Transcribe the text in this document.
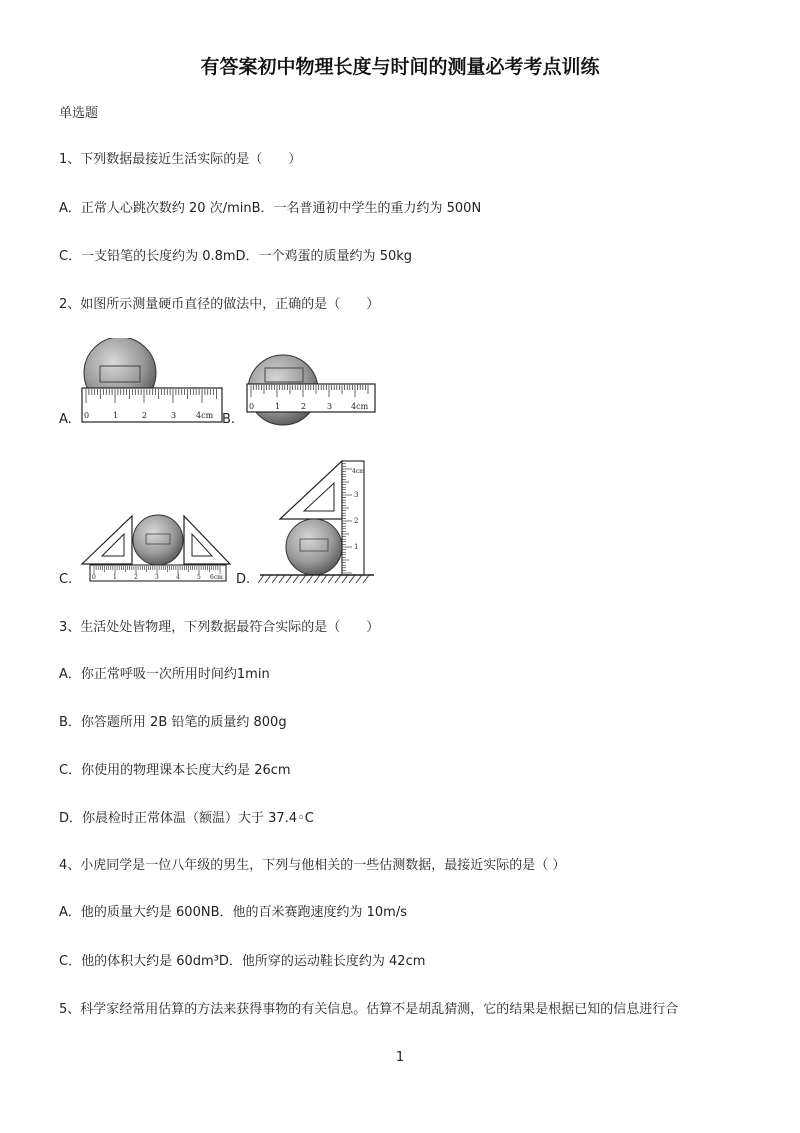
有答案初中物理长度与时间的测量必考考点训练
单选题
1、下列数据最接近生活实际的是（　　）
A．正常人心跳次数约 20 次/minB．一名普通初中学生的重力约为 500N
C．一支铅笔的长度约为 0.8mD．一个鸡蛋的质量约为 50kg
2、如图所示测量硬币直径的做法中，正确的是（　　）
A. 0	1	2	3 4cm B.
0	1	2	3 4cm
C.	0	1	2	3	4	5 6cm D.
1
2
3
4cm
3、生活处处皆物理，下列数据最符合实际的是（　　）
A．你正常呼吸一次所用时间约1min
B．你答题所用 2B 铅笔的质量约 800g
C．你使用的物理课本长度大约是 26cm
D．你晨检时正常体温（额温）大于 37.4◦C
4、小虎同学是一位八年级的男生，下列与他相关的一些估测数据，最接近实际的是（ ）
A．他的质量大约是 600NB．他的百米赛跑速度约为 10m/s
C．他的体积大约是 60dm³D．他所穿的运动鞋长度约为 42cm
5、科学家经常用估算的方法来获得事物的有关信息。估算不是胡乱猜测，它的结果是根据已知的信息进行合
1
